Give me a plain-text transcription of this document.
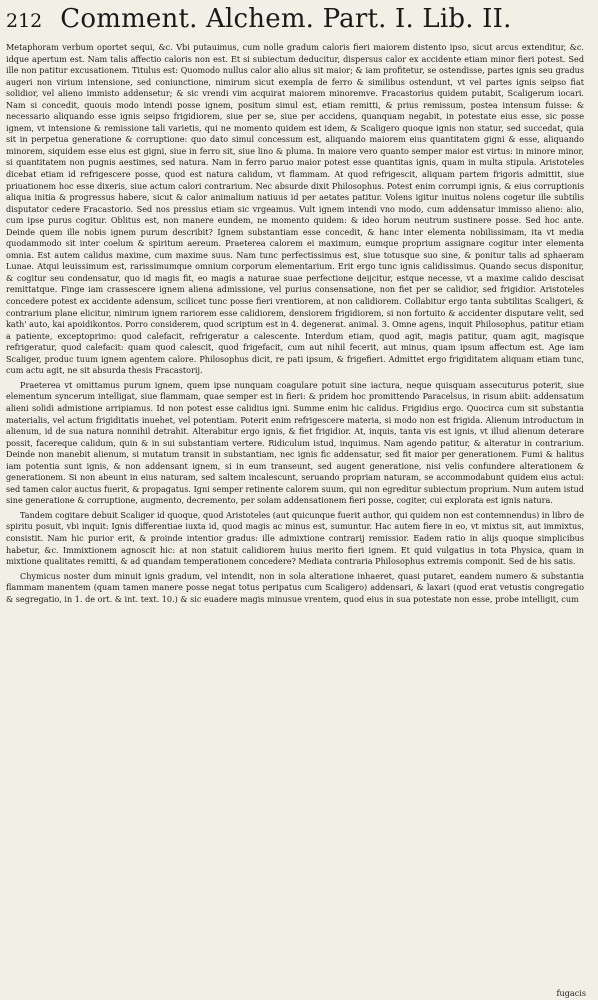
212 Comment. Alchem. Part. I. Lib. II.

Metaphoram verbum oportet sequi, &c. Vbi putauimus, cum nolle gradum caloris fieri maiorem distento ipso, sicut arcus extenditur, &c. idque apertum est. Nam talis affectio caloris non est. Et si subiectum deducitur, dispersus calor ex accidente etiam minor fieri potest. Sed ille non patitur excusationem. Titulus est: Quomodo nullus calor alio alius sit maior; & iam profitetur, se ostendisse, partes ignis seu gradus augeri non virium intensione, sed coniunctione, nimirum sicut exempla de ferro & similibus ostendunt, vt vel partes ignis seipso fiat solidior, vel alieno immisto addensetur; & sic vrendi vim acquirat maiorem minoremve. Fracastorius quidem putabit, Scaligerum iocari. Nam si concedit, quouis modo intendi posse ignem, positum simul est, etiam remitti, & prius remissum, postea intensum fuisse: & necessario aliquando esse ignis seipso frigidiorem, siue per se, siue per accidens, quanquam negabit, in potestate eius esse, sic posse ignem, vt intensione & remissione tali varietis, qui ne momento quidem est idem, & Scaligero quoque ignis non statur, sed succedat, quia sit in perpetua generatione & corruptione: quo dato simul concessum est, aliquando maiorem eius quantitatem gigni & esse, aliquando minorem, siquidem esse eius est gigni, siue in ferro sit, siue lino & pluma. In maiore vero quanto semper maior est virtus: in minore minor, si quantitatem non pugnis aestimes, sed natura. Nam in ferro paruo maior potest esse quantitas ignis, quam in multa stipula. Aristoteles dicebat etiam id refrigescere posse, quod est natura calidum, vt flammam. At quod refrigescit, aliquam partem frigoris admittit, siue priuationem hoc esse dixeris, siue actum calori contrarium. Nec absurde dixit Philosophus. Potest enim corrumpi ignis, & eius corruptionis aliqua initia & progressus habere, sicut & calor animalium natiuus id per aetates patitur. Volens igitur inuitus nolens cogetur ille subtilis disputator cedere Fracastorio. Sed nos pressius etiam sic vrgeamus. Vult ignem intendi vno modo, cum addensatur immisso alieno: alio, cum ipse purus cogitur. Oblitus est, non manere eundem, ne momento quidem: & ideo horum neutrum sustinere posse. Sed hoc ante. Deinde quem ille nobis ignem purum describit? Ignem substantiam esse concedit, & hanc inter elementa nobilissimam, ita vt media quodammodo sit inter coelum & spiritum aereum. Praeterea calorem ei maximum, eumque proprium assignare cogitur inter elementa omnia. Est autem calidus maxime, cum maxime suus. Nam tunc perfectissimus est, siue totusque suo sine, & ponitur talis ad sphaeram Lunae. Atqui leuissimum est, rarissimumque omnium corporum elementarium. Erit ergo tunc ignis calidissimus. Quando secus disponitur, & cogitur seu condensatur, quo id magis fit, eo magis a naturae suae perfectione deijcitur, estque necesse, vt a maxime calido descisat remittatque. Finge iam crassescere ignem aliena admissione, vel purius consensatione, non fiet per se calidior, sed frigidior. Aristoteles concedere potest ex accidente adensum, scilicet tunc posse fieri vrentiorem, at non calidiorem. Collabitur ergo tanta subtilitas Scaligeri, & contrarium plane elicitur, nimirum ignem rariorem esse calidiorem, densiorem frigidiorem, si non fortuito & accidenter disputare velit, sed kath' auto, kai apoidikontos. Porro considerem, quod scriptum est in 4. degenerat. animal. 3. Omne agens, inquit Philosophus, patitur etiam a patiente, exceptoprimo: quod calefacit, refrigeratur a calescente. Interdum etiam, quod agit, magis patitur, quam agit, magisque refrigeratur, quod calefacit: quam quod calescit, quod frigefacit, cum aut nihil fecerit, aut minus, quam ipsum affectum est. Age iam Scaliger, produc tuum ignem agentem calore. Philosophus dicit, re pati ipsum, & frigefieri. Admittet ergo frigiditatem aliquam etiam tunc, cum actu agit, ne sit absurda thesis Fracastorij.

Praeterea vt omittamus purum ignem, quem ipse nunquam coagulare potuit sine iactura, neque quisquam assecuturus poterit, siue elementum syncerum intelligat, siue flammam, quae semper est in fieri: & pridem hoc promittendo Paracelsus, in risum abiit: addensatum alieni solidi admistione arripiamus. Id non potest esse calidius igni. Summe enim hic calidus. Frigidius ergo. Quocirca cum sit substantia materialis, vel actum frigiditatis inuehet, vel potentiam. Poterit enim refrigescere materia, si modo non est frigida. Alienum introductum in alienum, id de sua natura nonnihil detrahit. Alterabitur ergo ignis, & fiet frigidior. At, inquis, tanta vis est ignis, vt illud alienum deterare possit, facereque calidum, quin & in sui substantiam vertere. Ridiculum istud, inquimus. Nam agendo patitur, & alteratur in contrarium. Deinde non manebit alienum, si mutatum transit in substantiam, nec ignis fic addensatur, sed fit maior per generationem. Fumi & halitus iam potentia sunt ignis, & non addensant ignem, si in eum transeunt, sed augent generatione, nisi velis confundere alterationem & generationem. Si non abeunt in eius naturam, sed saltem incalescunt, seruando propriam naturam, se accommodabunt quidem eius actui: sed tamen calor auctus fuerit, & propagatus. Igni semper retinente calorem suum, qui non egreditur subiectum proprium. Num autem istud sine generatione & corruptione, augmento, decremento, per solam addensationem fieri posse, cogiter, cui explorata est ignis natura.

Tandem cogitare debuit Scaliger id quoque, quod Aristoteles (aut quicunque fuerit author, qui quidem non est contemnendus) in libro de spiritu posuit, vbi inquit: Ignis differentiae iuxta id, quod magis ac minus est, sumuntur. Hac autem fiere in eo, vt mixtus sit, aut immixtus, consistit. Nam hic purior erit, & proinde intentior gradus: ille admixtione contrarij remissior. Eadem ratio in alijs quoque simplicibus habetur, &c. Immixtionem agnoscit hic: at non statuit calidiorem huius merito fieri ignem. Et quid vulgatius in tota Physica, quam in mixtione qualitates remitti, & ad quandam temperationem concedere? Mediata contraria Philosophus extremis componit. Sed de his satis.

Chymicus noster dum minuit ignis gradum, vel intendit, non in sola alteratione inhaeret, quasi putaret, eandem numero & substantia flammam manentem (quam tamen manere posse negat totus peripatus cum Scaligero) addensari, & laxari (quod erat vetustis congregatio & segregatio, in 1. de ort. & int. text. 10.) & sic euadere magis minusue vrentem, quod eius in sua potestate non esse, probe intelligit, cum

fugacis
